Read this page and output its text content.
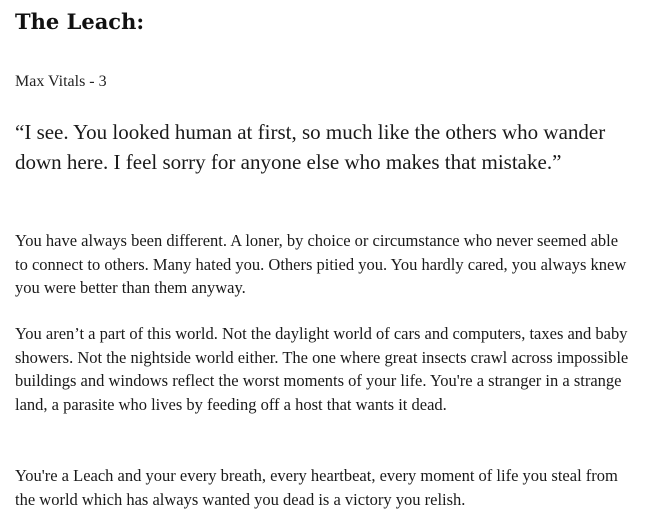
The Leach:

Max Vitals - 3

“I see. You looked human at first, so much like the others who wander down here. I feel sorry for anyone else who makes that mistake.”

You have always been different. A loner, by choice or circumstance who never seemed able to connect to others. Many hated you. Others pitied you. You hardly cared, you always knew you were better than them anyway.

You aren’t a part of this world. Not the daylight world of cars and computers, taxes and baby showers. Not the nightside world either. The one where great insects crawl across impossible buildings and windows reflect the worst moments of your life. You're a stranger in a strange land, a parasite who lives by feeding off a host that wants it dead.

You're a Leach and your every breath, every heartbeat, every moment of life you steal from the world which has always wanted you dead is a victory you relish.
